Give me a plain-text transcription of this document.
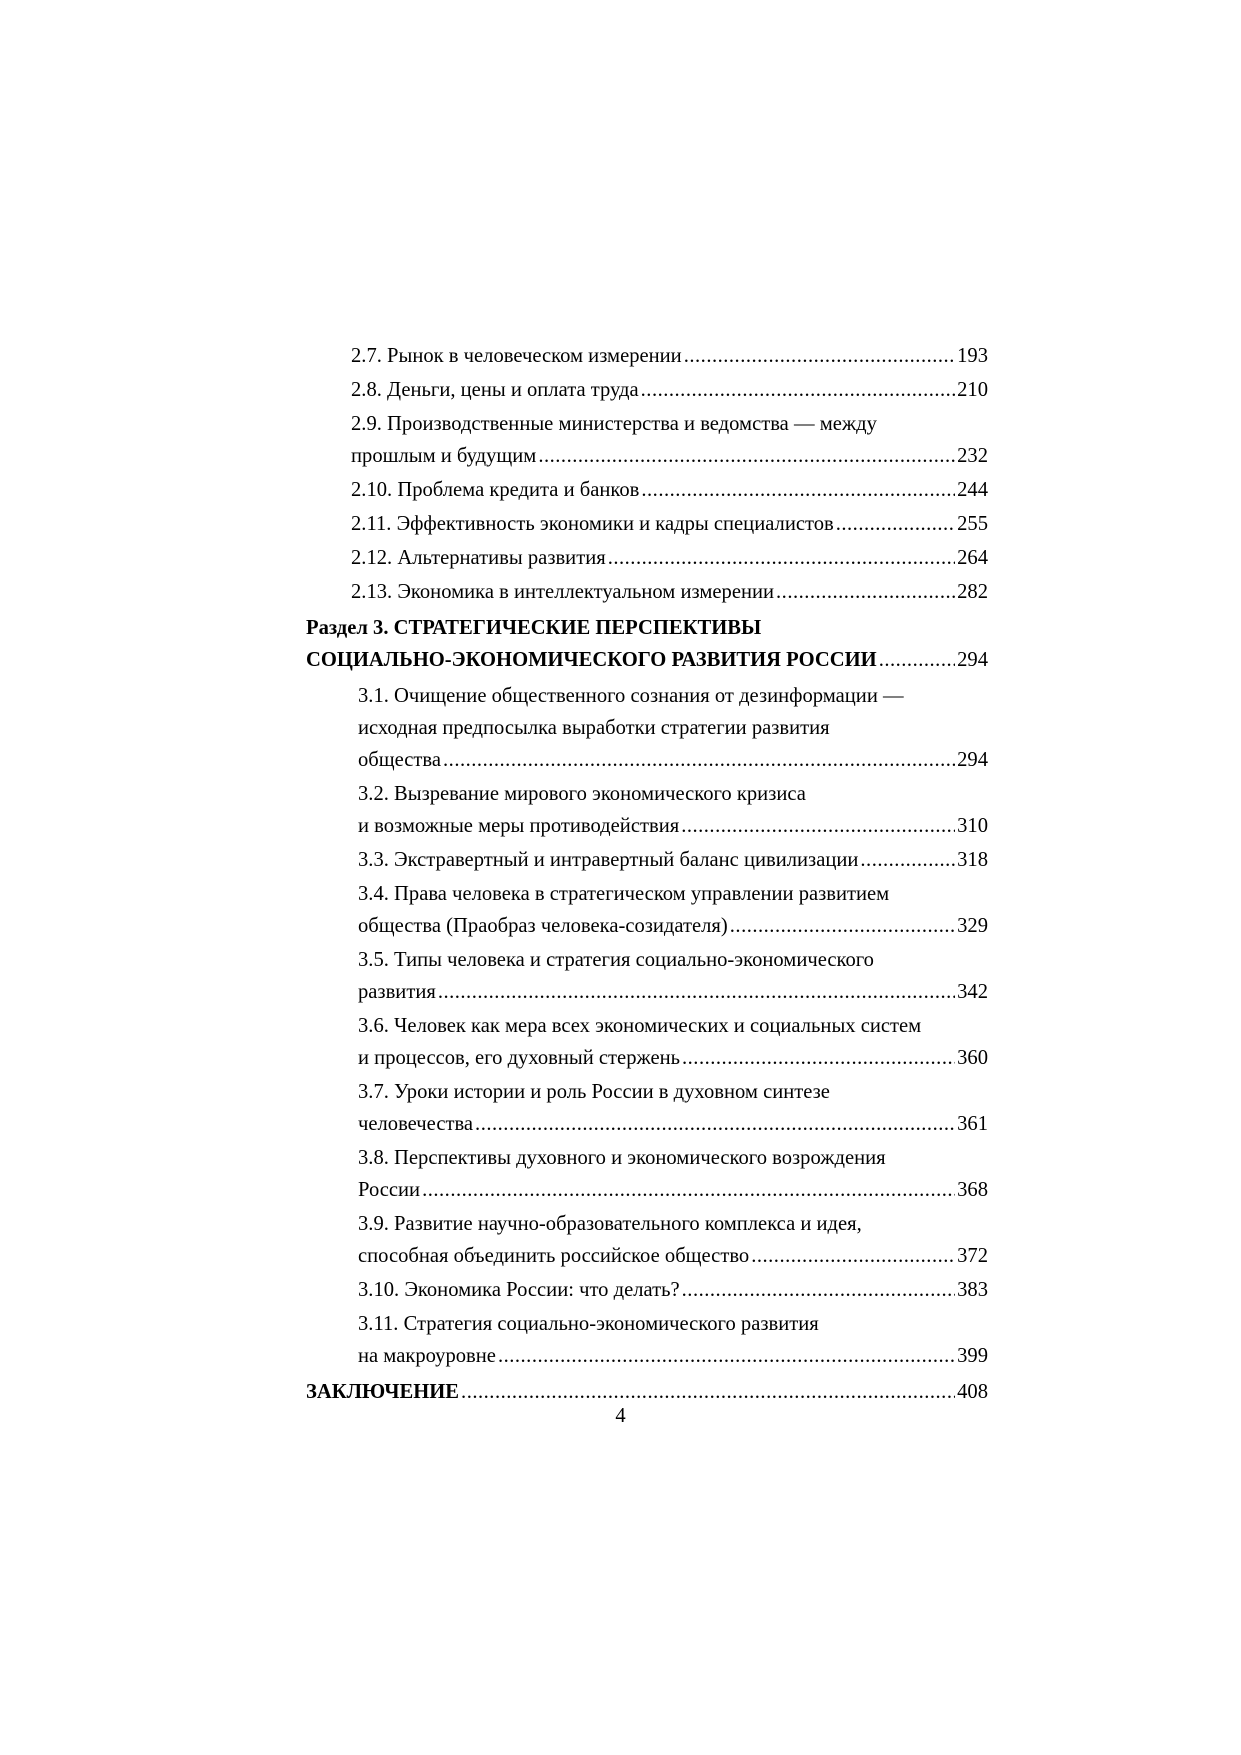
2.7. Рынок в человеческом измерении .....	193
2.8. Деньги, цены и оплата труда .....	210
2.9. Производственные министерства и ведомства — между
прошлым и будущим .....	232
2.10. Проблема кредита и банков .....	244
2.11. Эффективность экономики и кадры специалистов .....	255
2.12. Альтернативы развития .....	264
2.13. Экономика в интеллектуальном измерении .....	282
Раздел 3. СТРАТЕГИЧЕСКИЕ ПЕРСПЕКТИВЫ
СОЦИАЛЬНО-ЭКОНОМИЧЕСКОГО РАЗВИТИЯ РОССИИ .....	294
3.1. Очищение общественного сознания от дезинформации —
исходная предпосылка выработки стратегии развития
общества .....	294
3.2. Вызревание мирового экономического кризиса
и возможные меры противодействия .....	310
3.3. Экстравертный и интравертный баланс цивилизации .....	318
3.4. Права человека в стратегическом управлении развитием
общества (Праобраз человека-созидателя) .....	329
3.5. Типы человека и стратегия социально-экономического
развития .....	342
3.6. Человек как мера всех экономических и социальных систем
и процессов, его духовный стержень .....	360
3.7. Уроки истории и роль России в духовном синтезе
человечества .....	361
3.8. Перспективы духовного и экономического возрождения
России .....	368
3.9. Развитие научно-образовательного комплекса и идея,
способная объединить российское общество .....	372
3.10. Экономика России: что делать? .....	383
3.11. Стратегия социально-экономического развития
на макроуровне .....	399
ЗАКЛЮЧЕНИЕ .....	408
4
